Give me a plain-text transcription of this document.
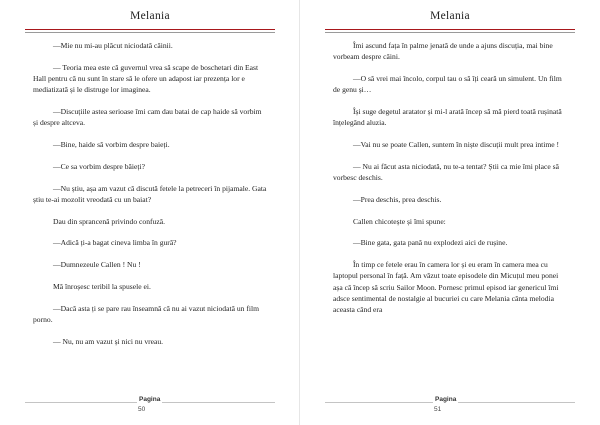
Melania

—Mie nu mi-au plăcut niciodată câinii.

— Teoria mea este că guvernul vrea să scape de boschetari din East Hall pentru că nu sunt în stare să le ofere un adapost iar prezența lor e mediatizată și le distruge lor imaginea.

—Discuțiile astea serioase îmi cam dau batai de cap haide să vorbim și despre altceva.

—Bine, haide să vorbim despre baieți.

—Ce sa vorbim despre băieți?

—Nu știu, așa am vazut că discută fetele la petreceri în pijamale. Gata știu te-ai mozolit vreodată cu un baiat?

Dau din sprancenă privindo confuză.

—Adică ți-a bagat cineva limba în gură?

—Dumnezeule Callen ! Nu !

Mă înroșesc teribil la spusele ei.

—Dacă asta ți se pare rau înseamnă că nu ai vazut niciodată un film porno.

— Nu, nu am vazut și nici nu vreau.

Pagina
50
Melania

Îmi ascund fața în palme jenată de unde a ajuns discuția, mai bine vorbeam despre câini.

—O să vrei mai încolo, corpul tau o să îți ceară un simulent. Un film de genu și…

Își suge degetul aratator și mi-l arată încep să mă pierd toată rușinată înțelegând aluzia.

—Vai nu se poate Callen, suntem în niște discuții mult prea intime !

— Nu ai făcut asta niciodată, nu te-a tentat? Știi ca mie îmi place să vorbesc deschis.

—Prea deschis, prea deschis.

Callen chicotește și îmi spune:

—Bine gata, gata pană nu explodezi aici de rușine.

În timp ce fetele erau în camera lor și eu eram în camera mea cu laptopul personal în față. Am văzut toate episodele din Micuțul meu ponei așa că încep să scriu Sailor Moon. Pornesc primul episod iar genericul îmi adsce sentimental de nostalgie al bucuriei cu care Melania cânta melodia aceasta când era

Pagina
51
